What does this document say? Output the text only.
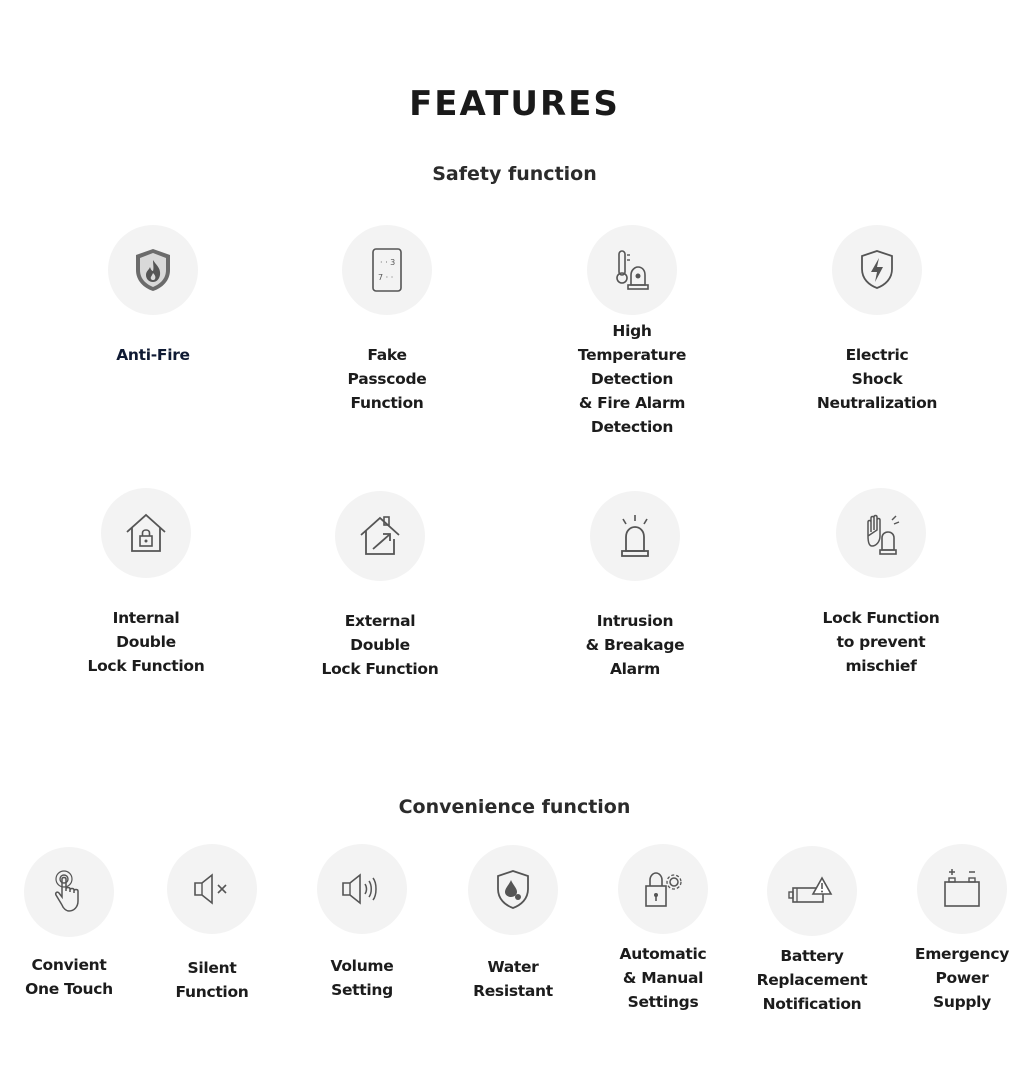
FEATURES
Safety function
Anti-Fire
· · 3
7 · ·
Fake
Passcode
Function
High
Temperature
Detection
& Fire Alarm
Detection
Electric
Shock
Neutralization
Internal
Double
Lock Function
External
Double
Lock Function
Intrusion
& Breakage
Alarm
Lock Function
to prevent
mischief
Convenience function
Convient
One Touch
Silent
Function
Volume
Setting
Water
Resistant
Automatic
& Manual
Settings
Battery
Replacement
Notification
Emergency
Power
Supply
